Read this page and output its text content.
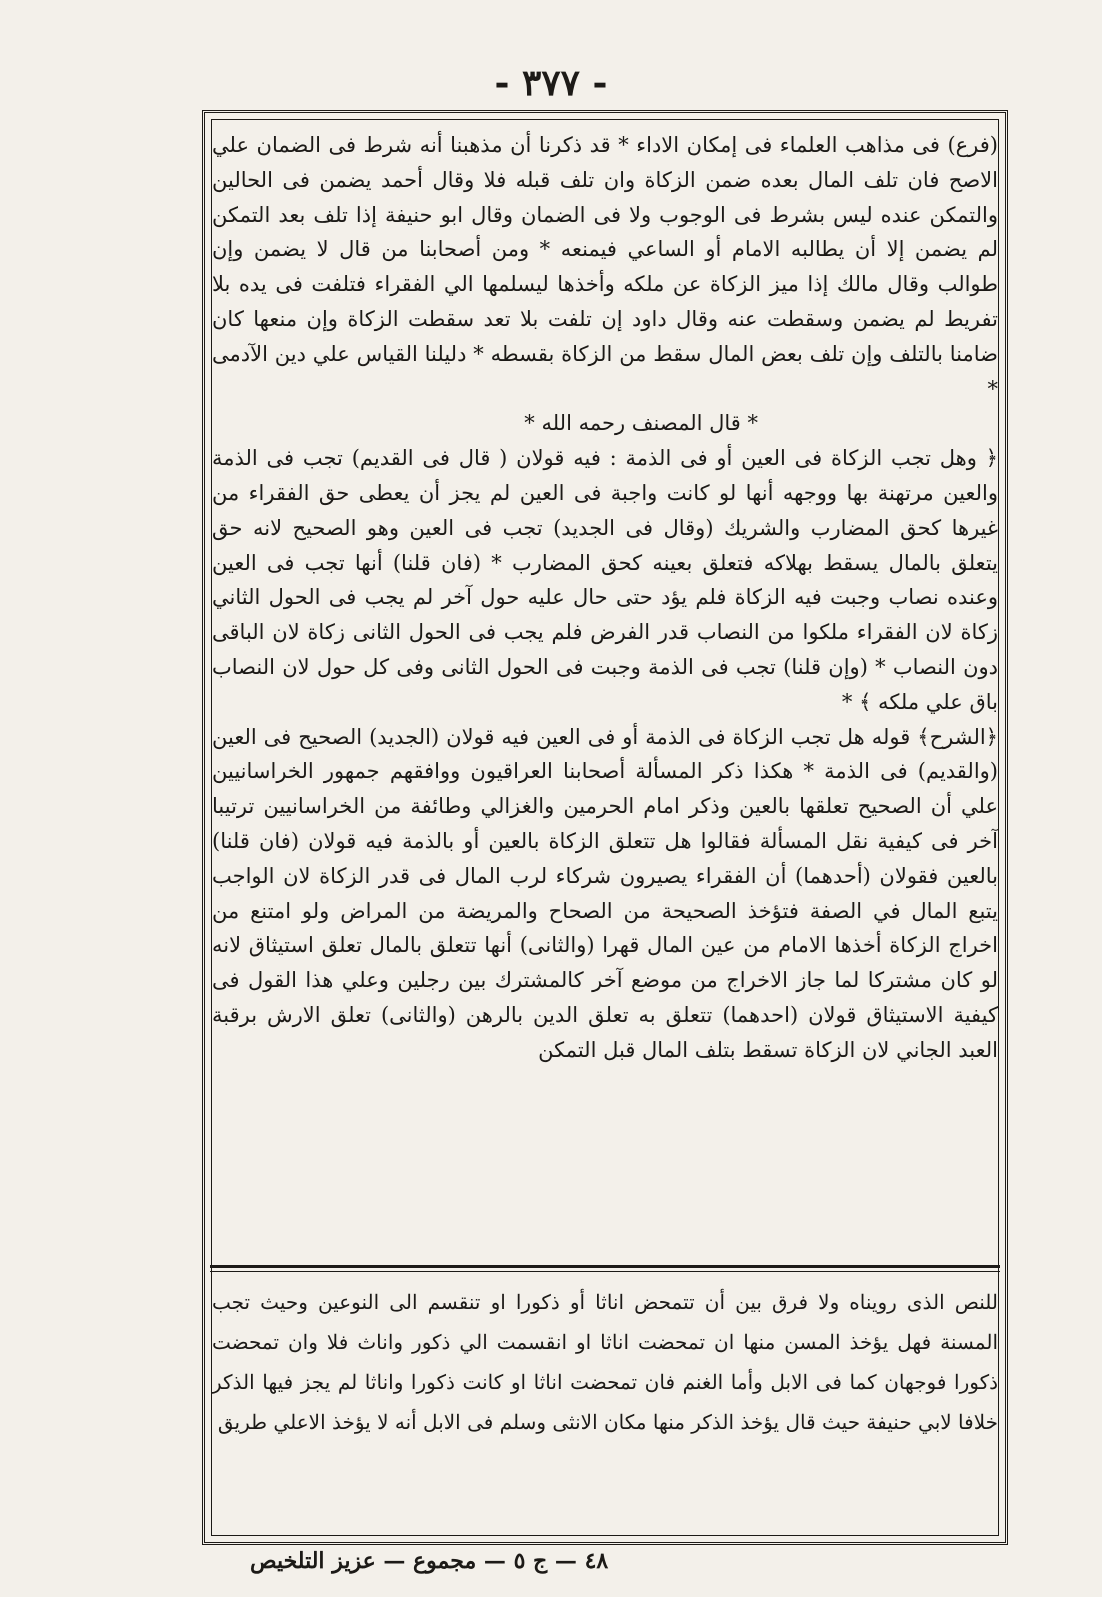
- ٣٧٧ -

(فرع) فى مذاهب العلماء فى إمكان الاداء * قد ذكرنا أن مذهبنا أنه شرط فى الضمان علي الاصح فان تلف المال بعده ضمن الزكاة وان تلف قبله فلا وقال أحمد يضمن فى الحالين والتمكن عنده ليس بشرط فى الوجوب ولا فى الضمان وقال ابو حنيفة إذا تلف بعد التمكن لم يضمن إلا أن يطالبه الامام أو الساعي فيمنعه * ومن أصحابنا من قال لا يضمن وإن طوالب وقال مالك إذا ميز الزكاة عن ملكه وأخذها ليسلمها الي الفقراء فتلفت فى يده بلا تفريط لم يضمن وسقطت عنه وقال داود إن تلفت بلا تعد سقطت الزكاة وإن منعها كان ضامنا بالتلف وإن تلف بعض المال سقط من الزكاة بقسطه * دليلنا القياس علي دين الآدمى *

* قال المصنف رحمه الله *

﴿ وهل تجب الزكاة فى العين أو فى الذمة : فيه قولان ( قال فى القديم) تجب فى الذمة والعين مرتهنة بها ووجهه أنها لو كانت واجبة فى العين لم يجز أن يعطى حق الفقراء من غيرها كحق المضارب والشريك (وقال فى الجديد) تجب فى العين وهو الصحيح لانه حق يتعلق بالمال يسقط بهلاكه فتعلق بعينه كحق المضارب * (فان قلنا) أنها تجب فى العين وعنده نصاب وجبت فيه الزكاة فلم يؤد حتى حال عليه حول آخر لم يجب فى الحول الثاني زكاة لان الفقراء ملكوا من النصاب قدر الفرض فلم يجب فى الحول الثانى زكاة لان الباقى دون النصاب * (وإن قلنا) تجب فى الذمة وجبت فى الحول الثانى وفى كل حول لان النصاب باق علي ملكه ﴾ *

﴿الشرح﴾ قوله هل تجب الزكاة فى الذمة أو فى العين فيه قولان (الجديد) الصحيح فى العين (والقديم) فى الذمة * هكذا ذكر المسألة أصحابنا العراقيون ووافقهم جمهور الخراسانيين علي أن الصحيح تعلقها بالعين وذكر امام الحرمين والغزالي وطائفة من الخراسانيين ترتيبا آخر فى كيفية نقل المسألة فقالوا هل تتعلق الزكاة بالعين أو بالذمة فيه قولان (فان قلنا) بالعين فقولان (أحدهما) أن الفقراء يصيرون شركاء لرب المال فى قدر الزكاة لان الواجب يتبع المال في الصفة فتؤخذ الصحيحة من الصحاح والمريضة من المراض ولو امتنع من اخراج الزكاة أخذها الامام من عين المال قهرا (والثانى) أنها تتعلق بالمال تعلق استيثاق لانه لو كان مشتركا لما جاز الاخراج من موضع آخر كالمشترك بين رجلين وعلي هذا القول فى كيفية الاستيثاق قولان (احدهما) تتعلق به تعلق الدين بالرهن (والثانى) تعلق الارش برقبة العبد الجاني لان الزكاة تسقط بتلف المال قبل التمكن

للنص الذى رويناه ولا فرق بين أن تتمحض اناثا أو ذكورا او تنقسم الى النوعين وحيث تجب المسنة فهل يؤخذ المسن منها ان تمحضت اناثا او انقسمت الي ذكور واناث فلا وان تمحضت ذكورا فوجهان كما فى الابل وأما الغنم فان تمحضت اناثا او كانت ذكورا واناثا لم يجز فيها الذكر خلافا لابي حنيفة حيث قال يؤخذ الذكر منها مكان الانثى وسلم فى الابل أنه لا يؤخذ الاعلي طريق

٤٨ — ج ٥ — مجموع — عزيز التلخيص
